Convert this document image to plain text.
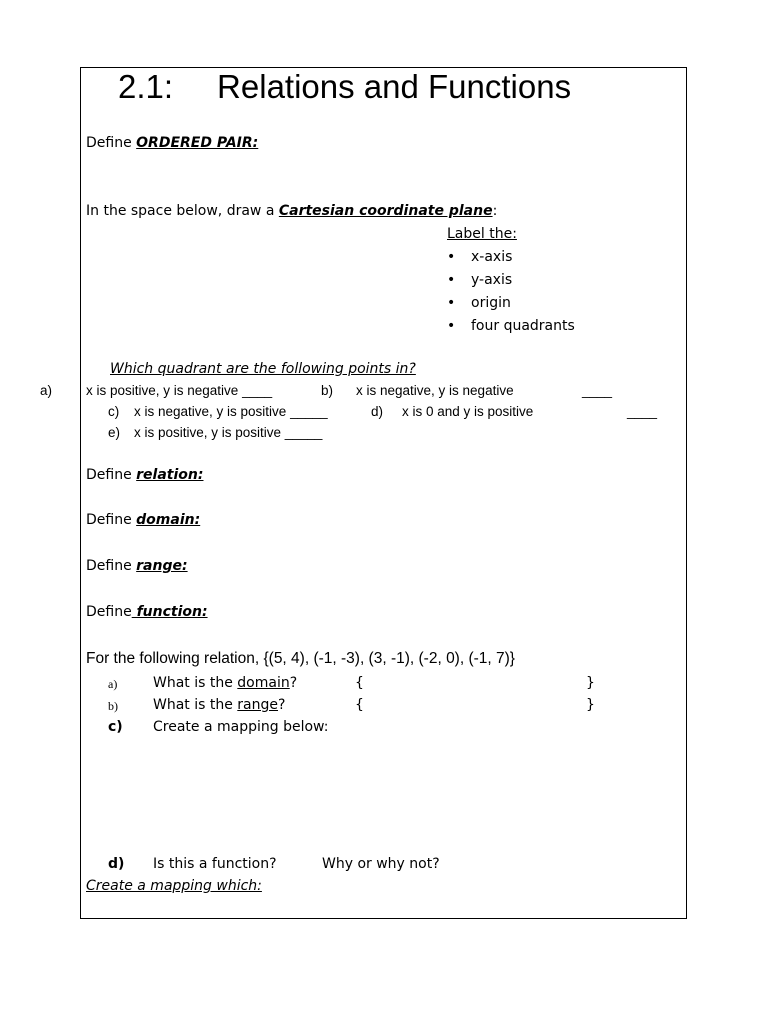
2.1: Relations and Functions
Define ORDERED PAIR:
In the space below, draw a Cartesian coordinate plane:
Label the:
• x-axis
• y-axis
• origin
• four quadrants
Which quadrant are the following points in?
a)	x is positive, y is negative ____	b) x is negative, y is negative	____
c) x is negative, y is positive _____	d) x is 0 and y is positive	____
e) x is positive, y is positive _____
Define relation:
Define domain:
Define range:
Define function:
For the following relation, {(5, 4), (-1, -3), (3, -1), (-2, 0), (-1, 7)}
a)	What is the domain?	{	}
b)	What is the range?	{	}
c) Create a mapping below:
d) Is this a function?	Why or why not?
Create a mapping which:
